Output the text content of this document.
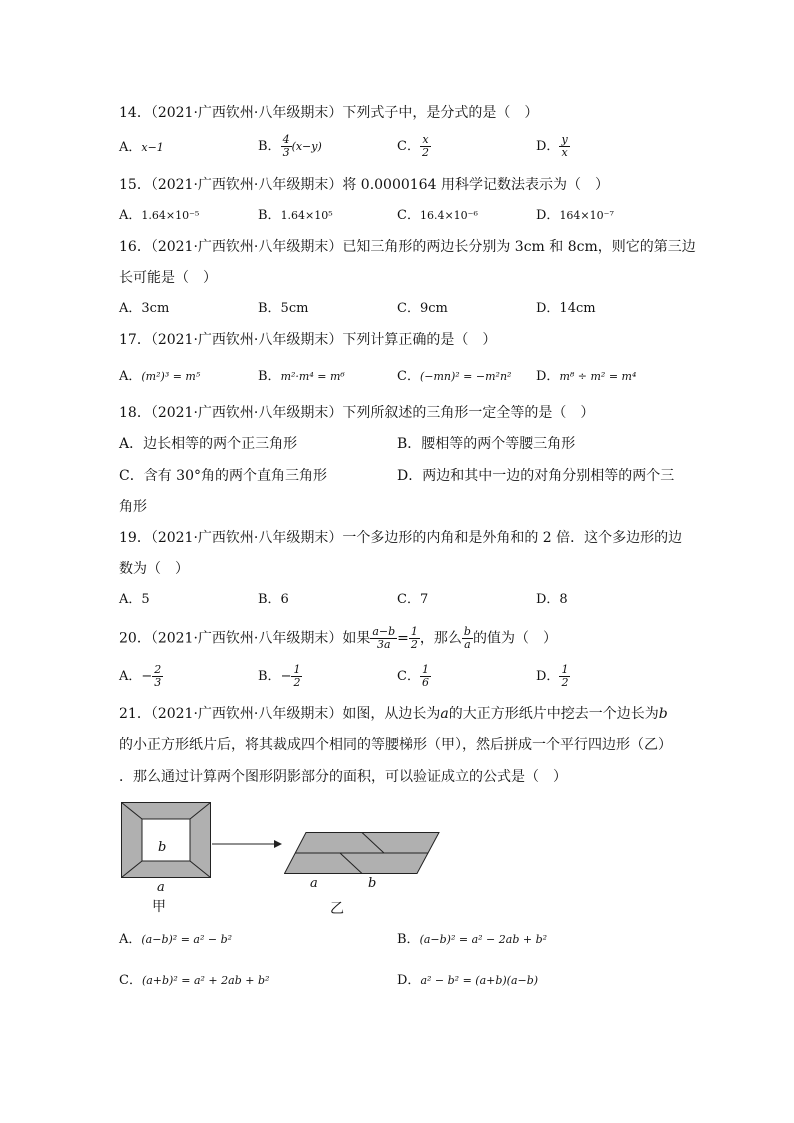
14．（2021·广西钦州·八年级期末）下列式子中，是分式的是（　）
A．x−1	B． $\frac{4}{3} (x-y)$	C． $\frac{x}{2}$	D． $\frac{y}{x}$
15．（2021·广西钦州·八年级期末）将 0.0000164 用科学记数法表示为（　）
A．1.64×10⁻⁵	B．1.64×10⁵	C．16.4×10⁻⁶	D．164×10⁻⁷
16．（2021·广西钦州·八年级期末）已知三角形的两边长分别为 3cm 和 8cm，则它的第三边
长可能是（　）
A．3cm	B．5cm	C．9cm	D．14cm
17．（2021·广西钦州·八年级期末）下列计算正确的是（　）
A．(m²)³ = m⁵	B．m²·m⁴ = m⁶	C．(−mn)² = −m²n² D．m⁸ ÷ m² = m⁴
18．（2021·广西钦州·八年级期末）下列所叙述的三角形一定全等的是（　）
A．边长相等的两个正三角形	B．腰相等的两个等腰三角形
C．含有 30°角的两个直角三角形	D．两边和其中一边的对角分别相等的两个三
角形
19．（2021·广西钦州·八年级期末）一个多边形的内角和是外角和的 2 倍．这个多边形的边
数为（　）
A．5	B．6	C．7	D．8
20．（2021·广西钦州·八年级期末）如果 $\frac{a-b}{3a} = \frac{1}{2}$ ，那么 $\frac{b}{a}$ 的值为（　）
A．− $\frac{2}{3}$	B．− $\frac{1}{2}$	C． $\frac{1}{6}$	D． $\frac{1}{2}$
21．（2021·广西钦州·八年级期末）如图，从边长为a的大正方形纸片中挖去一个边长为b
的小正方形纸片后，将其裁成四个相同的等腰梯形（甲），然后拼成一个平行四边形（乙）
．那么通过计算两个图形阴影部分的面积，可以验证成立的公式是（　）
b
a
甲
a	b
乙
A．(a−b)² = a² − b²	B．(a−b)² = a² − 2ab + b²
C．(a+b)² = a² + 2ab + b²	D．a² − b² = (a+b)(a−b)
